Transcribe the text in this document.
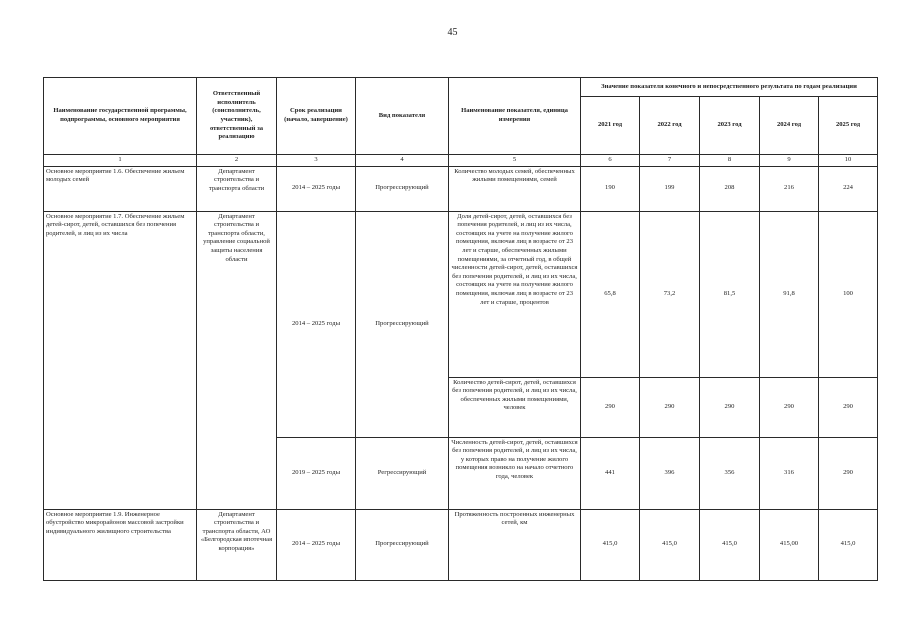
45
Наименование государственной программы, подпрограммы, основного мероприятия	Ответственный исполнитель (соисполнитель, участник), ответственный за реализацию	Срок реализации (начало, завершение)	Вид показателя	Наименование показателя, единица измерения	Значение показателя конечного и непосредственного результата по годам реализации				
					2021 год	2022 год	2023 год	2024 год	2025 год
1	2	3	4	5	6	7	8	9	10
Основное мероприятие 1.6. Обеспечение жильем молодых семей	Департамент строительства и транспорта области	2014 – 2025 годы	Прогрессирующий	Количество молодых семей, обеспеченных жилыми помещениями, семей	190	199	208	216	224
Основное мероприятие 1.7. Обеспечение жильем детей-сирот, детей, оставшихся без попечения родителей, и лиц из их числа	Департамент строительства и транспорта области, управление социальной защиты населения области	2014 – 2025 годы	Прогрессирующий	Доля детей-сирот, детей, оставшихся без попечения родителей, и лиц из их числа, состоящих на учете на получение жилого помещения, включая лиц в возрасте от 23 лет и старше, обеспеченных жилыми помещениями, за отчетный год, в общей численности детей-сирот, детей, оставшихся без попечения родителей, и лиц из их числа, состоящих на учете на получение жилого помещения, включая лиц в возрасте от 23 лет и старше, процентов	65,8	73,2	81,5	91,8	100
				Количество детей-сирот, детей, оставшихся без попечения родителей, и лиц из их числа, обеспеченных жилыми помещениями, человек	290	290	290	290	290
		2019 – 2025 годы	Регрессирующий	Численность детей-сирот, детей, оставшихся без попечения родителей, и лиц из их числа, у которых право на получение жилого помещения возникло на начало отчетного года, человек	441	396	356	316	290
Основное мероприятие 1.9. Инженерное обустройство микрорайонов массовой застройки индивидуального жилищного строительства	Департамент строительства и транспорта области, АО «Белгородская ипотечная корпорация»	2014 – 2025 годы	Прогрессирующий	Протяженность построенных инженерных сетей, км	415,0	415,0	415,0	415,00	415,0
